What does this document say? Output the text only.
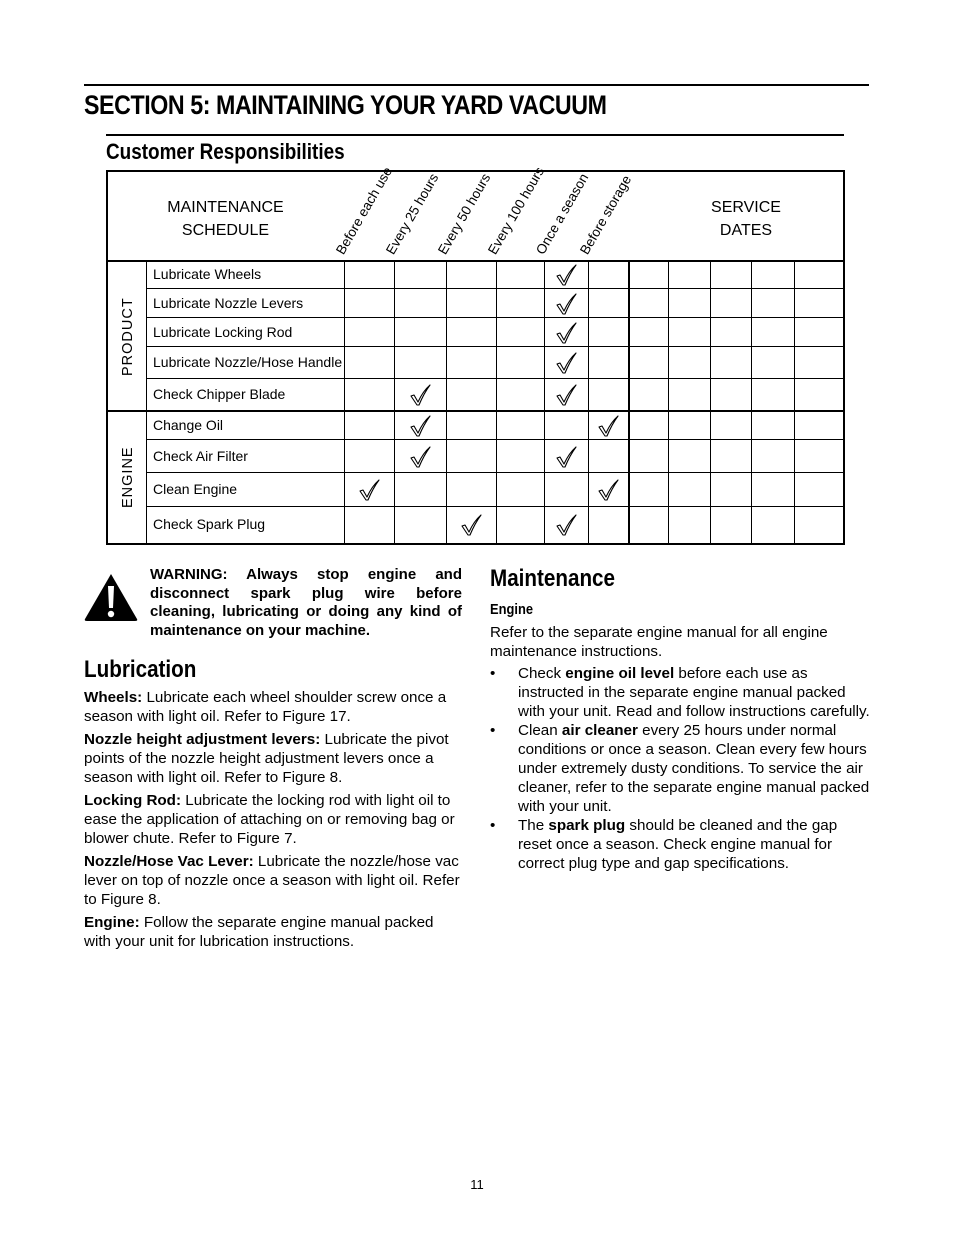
SECTION 5: MAINTAINING YOUR YARD VACUUM
Customer Responsibilities
MAINTENANCE
SCHEDULE
SERVICE
DATES
Before each use
Every 25 hours
Every 50 hours
Every 100 hours
Once a season
Before storage
PRODUCT
Lubricate Wheels
Lubricate Nozzle Levers
Lubricate Locking Rod
Lubricate Nozzle/Hose Handle
Check Chipper Blade
ENGINE
Change Oil
Check Air Filter
Clean Engine
Check Spark Plug

WARNING: Always stop engine and disconnect spark plug wire before cleaning, lubricating or doing any kind of maintenance on your machine.

Lubrication

Wheels: Lubricate each wheel shoulder screw once a season with light oil. Refer to Figure 17.

Nozzle height adjustment levers: Lubricate the pivot points of the nozzle height adjustment levers once a season with light oil. Refer to Figure 8.

Locking Rod: Lubricate the locking rod with light oil to ease the application of attaching on or removing bag or blower chute. Refer to Figure 7.

Nozzle/Hose Vac Lever: Lubricate the nozzle/hose vac lever on top of nozzle once a season with light oil. Refer to Figure 8.

Engine: Follow the separate engine manual packed with your unit for lubrication instructions.

Maintenance
Engine

Refer to the separate engine manual for all engine maintenance instructions.

• Check engine oil level before each use as instructed in the separate engine manual packed with your unit. Read and follow instructions carefully.
• Clean air cleaner every 25 hours under normal conditions or once a season. Clean every few hours under extremely dusty conditions. To service the air cleaner, refer to the separate engine manual packed with your unit.
• The spark plug should be cleaned and the gap reset once a season. Check engine manual for correct plug type and gap specifications.
11
